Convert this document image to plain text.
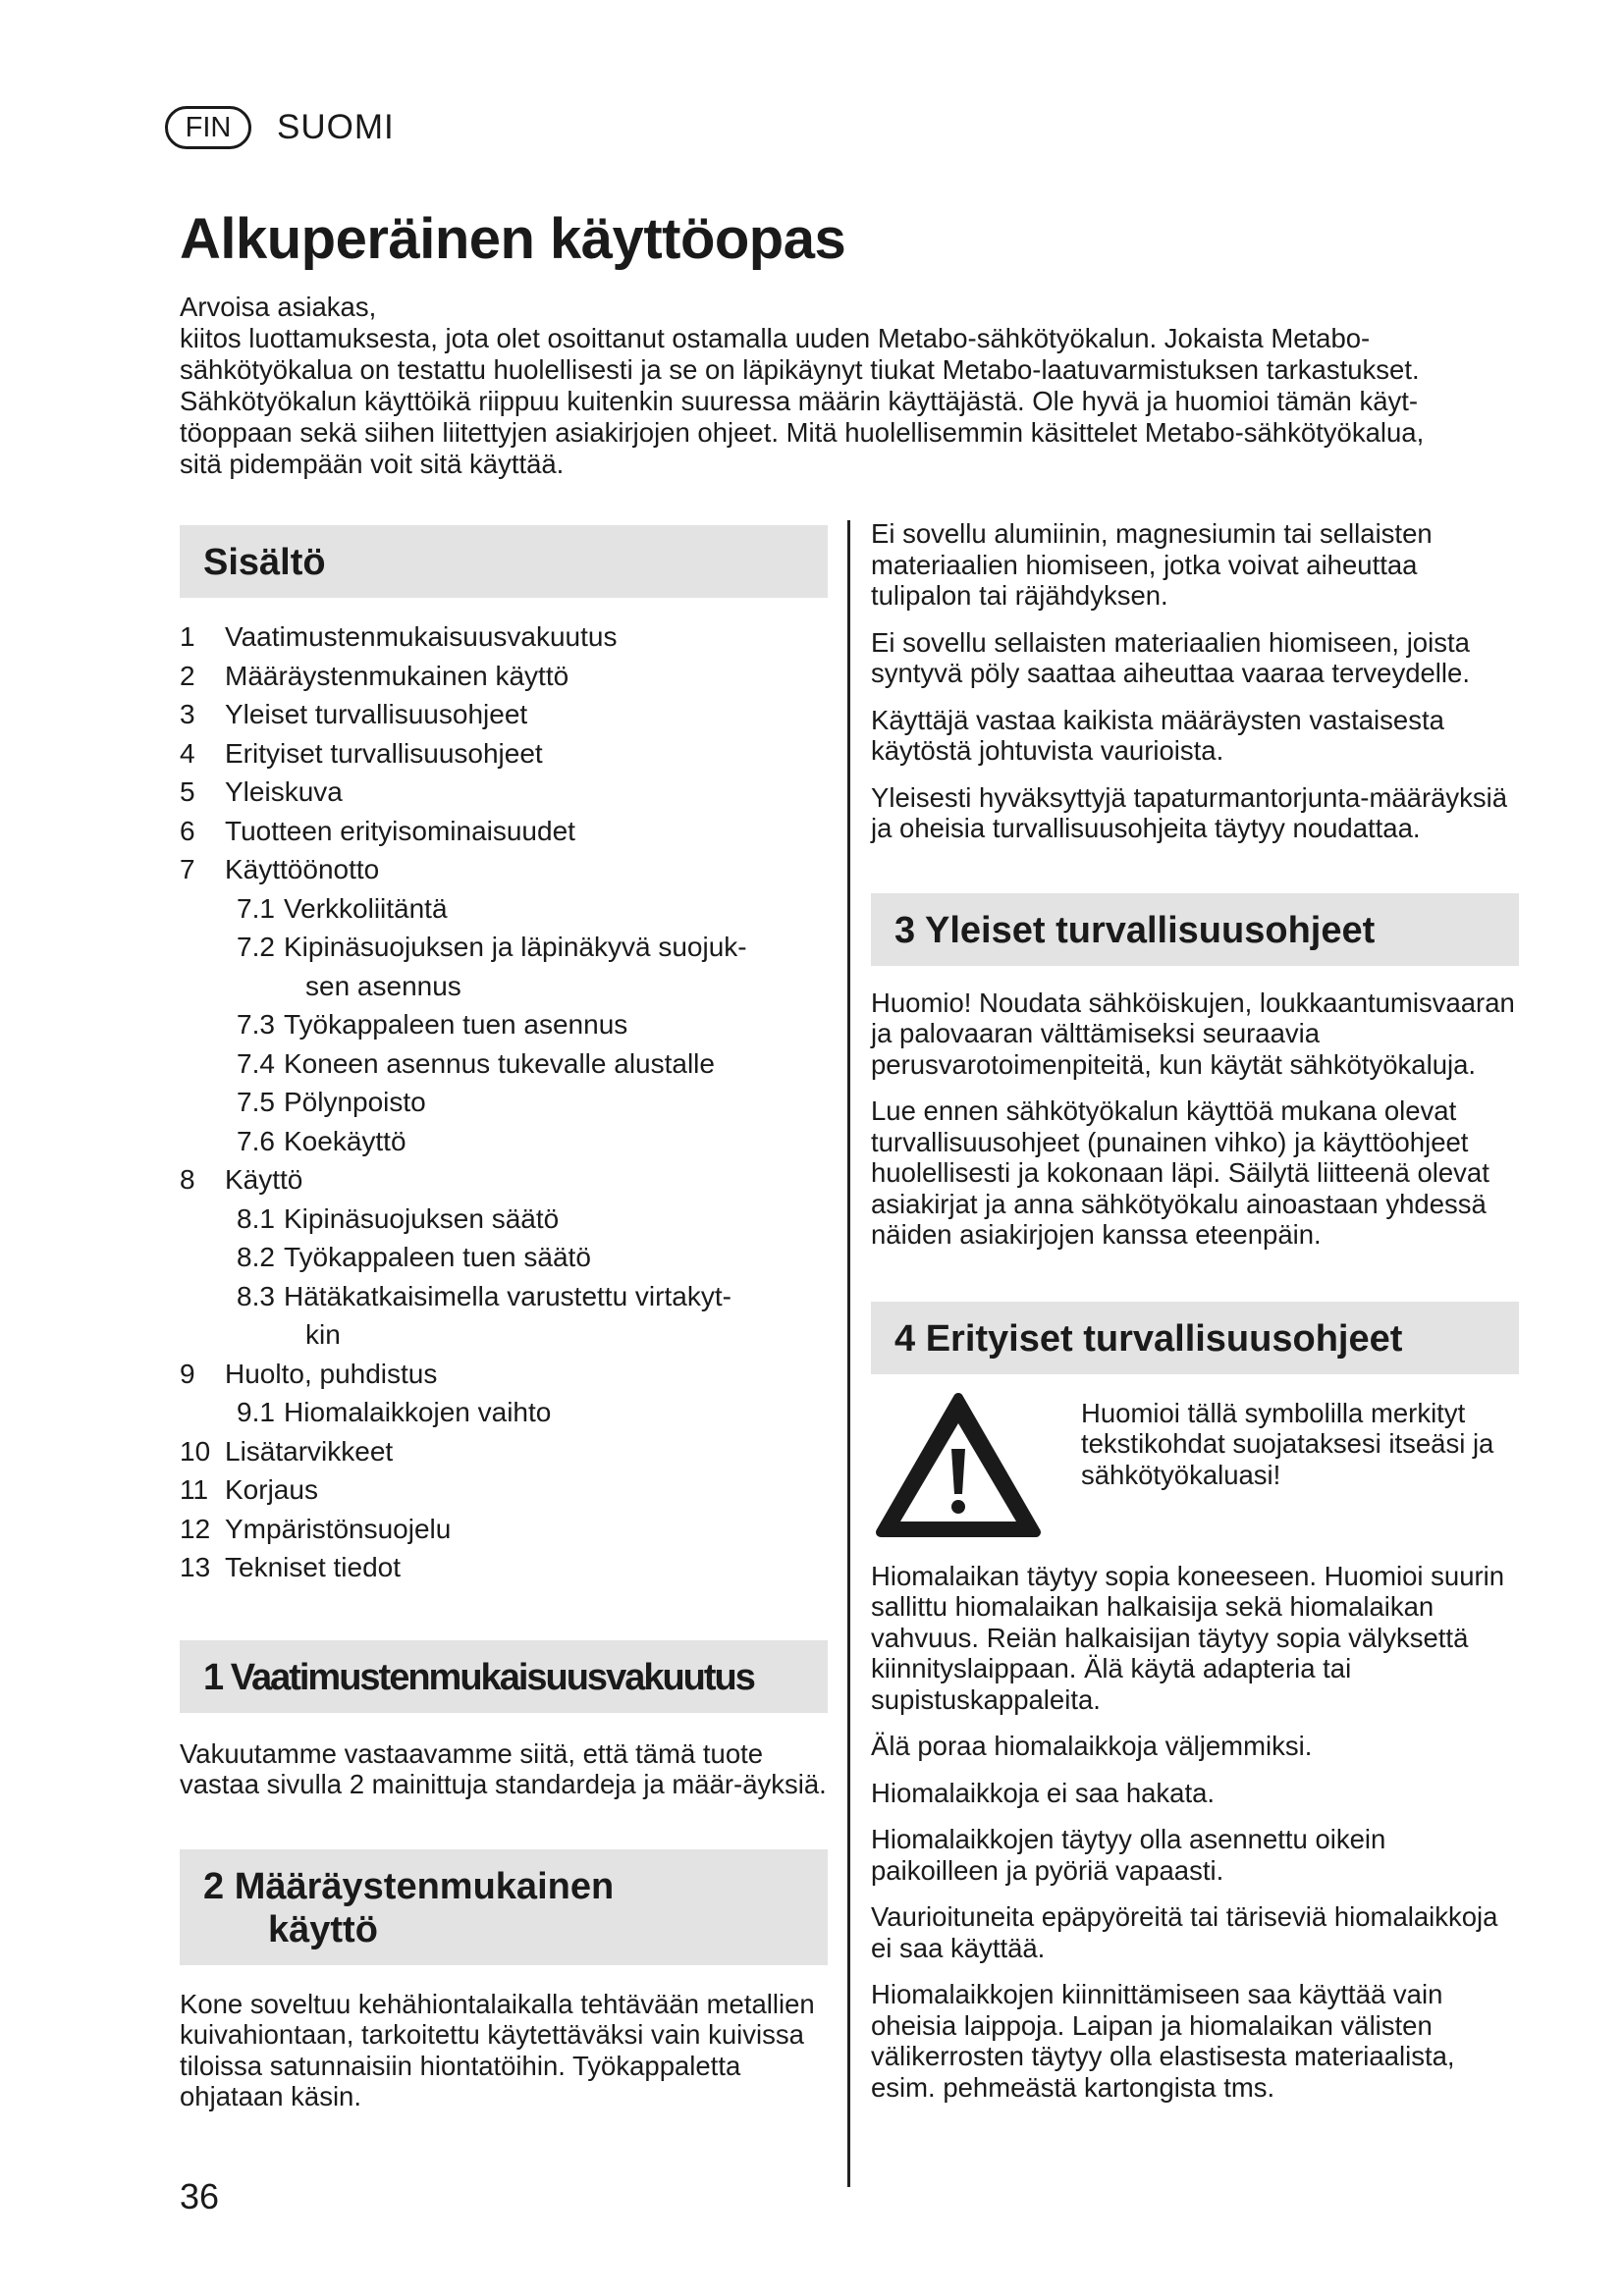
FIN	SUOMI
Alkuperäinen käyttöopas

Arvoisa asiakas,

kiitos luottamuksesta, jota olet osoittanut ostamalla uuden Metabo-sähkötyökalun. Jokaista Metabo-

sähkötyökalua on testattu huolellisesti ja se on läpikäynyt tiukat Metabo-laatuvarmistuksen tarkastukset.

Sähkötyökalun käyttöikä riippuu kuitenkin suuressa määrin käyttäjästä. Ole hyvä ja huomioi tämän käyt-

töoppaan sekä siihen liitettyjen asiakirjojen ohjeet. Mitä huolellisemmin käsittelet Metabo-sähkötyökalua,

sitä pidempään voit sitä käyttää.

Sisältö
1 Vaatimustenmukaisuusvakuutus
2 Määräystenmukainen käyttö
3 Yleiset turvallisuusohjeet
4 Erityiset turvallisuusohjeet
5 Yleiskuva
6 Tuotteen erityisominaisuudet
7 Käyttöönotto
7.1 Verkkoliitäntä
7.2 Kipinäsuojuksen ja läpinäkyvä suojuk-
sen asennus
7.3 Työkappaleen tuen asennus
7.4 Koneen asennus tukevalle alustalle
7.5 Pölynpoisto
7.6 Koekäyttö
8 Käyttö
8.1 Kipinäsuojuksen säätö
8.2 Työkappaleen tuen säätö
8.3 Hätäkatkaisimella varustettu virtakyt-
kin
9 Huolto, puhdistus
9.1 Hiomalaikkojen vaihto
10 Lisätarvikkeet
11 Korjaus
12 Ympäristönsuojelu
13 Tekniset tiedot
1 Vaatimustenmukaisuusvakuutus

Vakuutamme vastaavamme siitä, että tämä tuote vastaa sivulla 2 mainittuja standardeja ja määr-äyksiä.

2 Määräystenmukainen
käyttö

Kone soveltuu kehähiontalaikalla tehtävään metallien kuivahiontaan, tarkoitettu käytettäväksi vain kuivissa tiloissa satunnaisiin hiontatöihin. Työkappaletta ohjataan käsin.

Ei sovellu alumiinin, magnesiumin tai sellaisten materiaalien hiomiseen, jotka voivat aiheuttaa tulipalon tai räjähdyksen.

Ei sovellu sellaisten materiaalien hiomiseen, joista syntyvä pöly saattaa aiheuttaa vaaraa terveydelle.

Käyttäjä vastaa kaikista määräysten vastaisesta käytöstä johtuvista vaurioista.

Yleisesti hyväksyttyjä tapaturmantorjunta-määräyksiä ja oheisia turvallisuusohjeita täytyy noudattaa.

3 Yleiset turvallisuusohjeet

Huomio! Noudata sähköiskujen, loukkaantumisvaaran ja palovaaran välttämiseksi seuraavia perusvarotoimenpiteitä, kun käytät sähkötyökaluja.

Lue ennen sähkötyökalun käyttöä mukana olevat turvallisuusohjeet (punainen vihko) ja käyttöohjeet huolellisesti ja kokonaan läpi. Säilytä liitteenä olevat asiakirjat ja anna sähkötyökalu ainoastaan yhdessä näiden asiakirjojen kanssa eteenpäin.

4 Erityiset turvallisuusohjeet
Huomioi tällä symbolilla merkityt tekstikohdat suojataksesi itseäsi ja sähkötyökaluasi!

Hiomalaikan täytyy sopia koneeseen. Huomioi suurin sallittu hiomalaikan halkaisija sekä hiomalaikan vahvuus. Reiän halkaisijan täytyy sopia välyksettä kiinnityslaippaan. Älä käytä adapteria tai supistuskappaleita.

Älä poraa hiomalaikkoja väljemmiksi.

Hiomalaikkoja ei saa hakata.

Hiomalaikkojen täytyy olla asennettu oikein paikoilleen ja pyöriä vapaasti.

Vaurioituneita epäpyöreitä tai täriseviä hiomalaikkoja ei saa käyttää.

Hiomalaikkojen kiinnittämiseen saa käyttää vain oheisia laippoja. Laipan ja hiomalaikan välisten välikerrosten täytyy olla elastisesta materiaalista, esim. pehmeästä kartongista tms.

36
